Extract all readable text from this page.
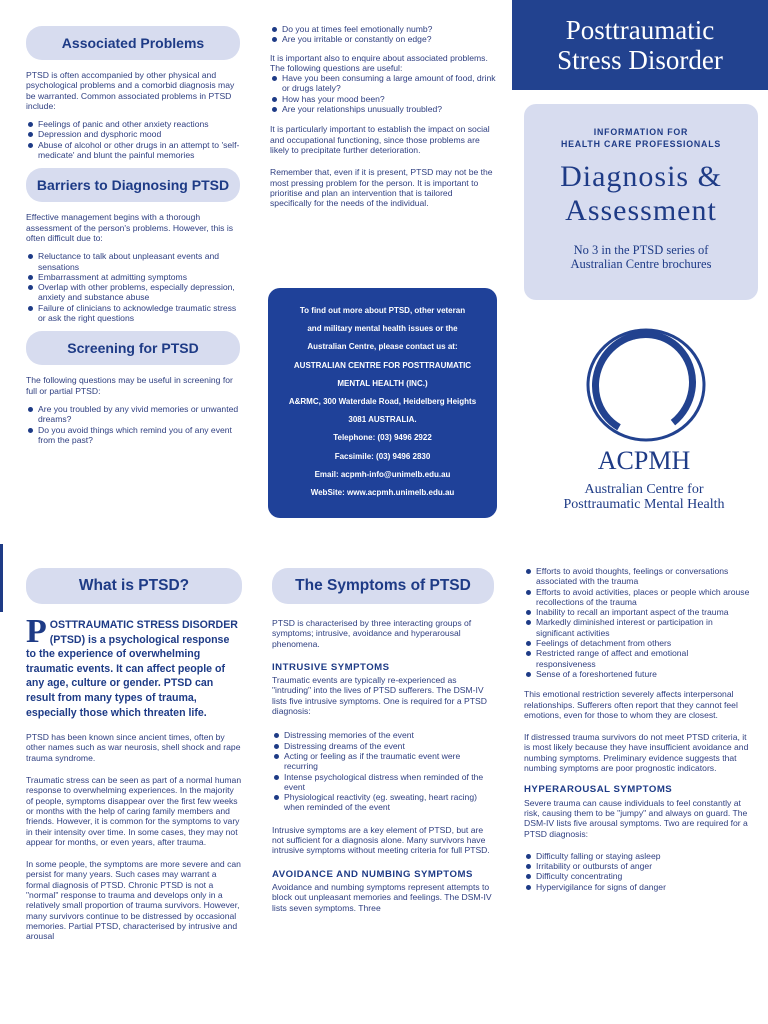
Associated Problems

PTSD is often accompanied by other physical and psychological problems and a comorbid diagnosis may be warranted. Common associated problems in PTSD include:

Feelings of panic and other anxiety reactions
Depression and dysphoric mood
Abuse of alcohol or other drugs in an attempt to 'self-medicate' and blunt the painful memories
Barriers to Diagnosing PTSD

Effective management begins with a thorough assessment of the person's problems. However, this is often difficult due to:

Reluctance to talk about unpleasant events and sensations
Embarrassment at admitting symptoms
Overlap with other problems, especially depression, anxiety and substance abuse
Failure of clinicians to acknowledge traumatic stress or ask the right questions
Screening for PTSD

The following questions may be useful in screening for full or partial PTSD:

Are you troubled by any vivid memories or unwanted dreams?
Do you avoid things which remind you of any event from the past?
Do you at times feel emotionally numb?
Are you irritable or constantly on edge?

It is important also to enquire about associated problems. The following questions are useful:

Have you been consuming a large amount of food, drink or drugs lately?
How has your mood been?
Are your relationships unusually troubled?

It is particularly important to establish the impact on social and occupational functioning, since those problems are likely to precipitate further deterioration.

Remember that, even if it is present, PTSD may not be the most pressing problem for the person. It is important to prioritise and plan an intervention that is tailored specifically for the needs of the individual.

To find out more about PTSD, other veteran
and military mental health issues or the
Australian Centre, please contact us at:
AUSTRALIAN CENTRE FOR POSTTRAUMATIC
MENTAL HEALTH (INC.)
A&RMC, 300 Waterdale Road, Heidelberg Heights
3081 AUSTRALIA.
Telephone: (03) 9496 2922
Facsimile: (03) 9496 2830
Email: acpmh-info@unimelb.edu.au
WebSite: www.acpmh.unimelb.edu.au
Posttraumatic
Stress Disorder
INFORMATION FOR
HEALTH CARE PROFESSIONALS
Diagnosis &
Assessment
No 3 in the PTSD series of
Australian Centre brochures
ACPMH
Australian Centre for
Posttraumatic Mental Health
What is PTSD?
POSTTRAUMATIC STRESS DISORDER (PTSD) is a psychological response to the experience of overwhelming traumatic events. It can affect people of any age, culture or gender. PTSD can result from many types of trauma, especially those which threaten life.

PTSD has been known since ancient times, often by other names such as war neurosis, shell shock and rape trauma syndrome.

Traumatic stress can be seen as part of a normal human response to overwhelming experiences. In the majority of people, symptoms disappear over the first few weeks or months with the help of caring family members and friends. However, it is common for the symptoms to vary in their intensity over time. In some cases, they may not appear for months, or even years, after trauma.

In some people, the symptoms are more severe and can persist for many years. Such cases may warrant a formal diagnosis of PTSD. Chronic PTSD is not a "normal" response to trauma and develops only in a relatively small proportion of trauma survivors. However, many survivors continue to be distressed by occasional memories. Partial PTSD, characterised by intrusive and arousal

The Symptoms of PTSD

PTSD is characterised by three interacting groups of symptoms; intrusive, avoidance and hyperarousal phenomena.

INTRUSIVE SYMPTOMS

Traumatic events are typically re-experienced as "intruding" into the lives of PTSD sufferers. The DSM-IV lists five intrusive symptoms. One is required for a PTSD diagnosis:

Distressing memories of the event
Distressing dreams of the event
Acting or feeling as if the traumatic event were recurring
Intense psychological distress when reminded of the event
Physiological reactivity (eg. sweating, heart racing) when reminded of the event

Intrusive symptoms are a key element of PTSD, but are not sufficient for a diagnosis alone. Many survivors have intrusive symptoms without meeting criteria for full PTSD.

AVOIDANCE AND NUMBING SYMPTOMS

Avoidance and numbing symptoms represent attempts to block out unpleasant memories and feelings. The DSM-IV lists seven symptoms. Three

Efforts to avoid thoughts, feelings or conversations associated with the trauma
Efforts to avoid activities, places or people which arouse recollections of the trauma
Inability to recall an important aspect of the trauma
Markedly diminished interest or participation in significant activities
Feelings of detachment from others
Restricted range of affect and emotional responsiveness
Sense of a foreshortened future

This emotional restriction severely affects interpersonal relationships. Sufferers often report that they cannot feel emotions, even for those to whom they are closest.

If distressed trauma survivors do not meet PTSD criteria, it is most likely because they have insufficient avoidance and numbing symptoms. Preliminary evidence suggests that numbing symptoms are poor prognostic indicators.

HYPERAROUSAL SYMPTOMS

Severe trauma can cause individuals to feel constantly at risk, causing them to be "jumpy" and always on guard. The DSM-IV lists five arousal symptoms. Two are required for a PTSD diagnosis:

Difficulty falling or staying asleep
Irritability or outbursts of anger
Difficulty concentrating
Hypervigilance for signs of danger
